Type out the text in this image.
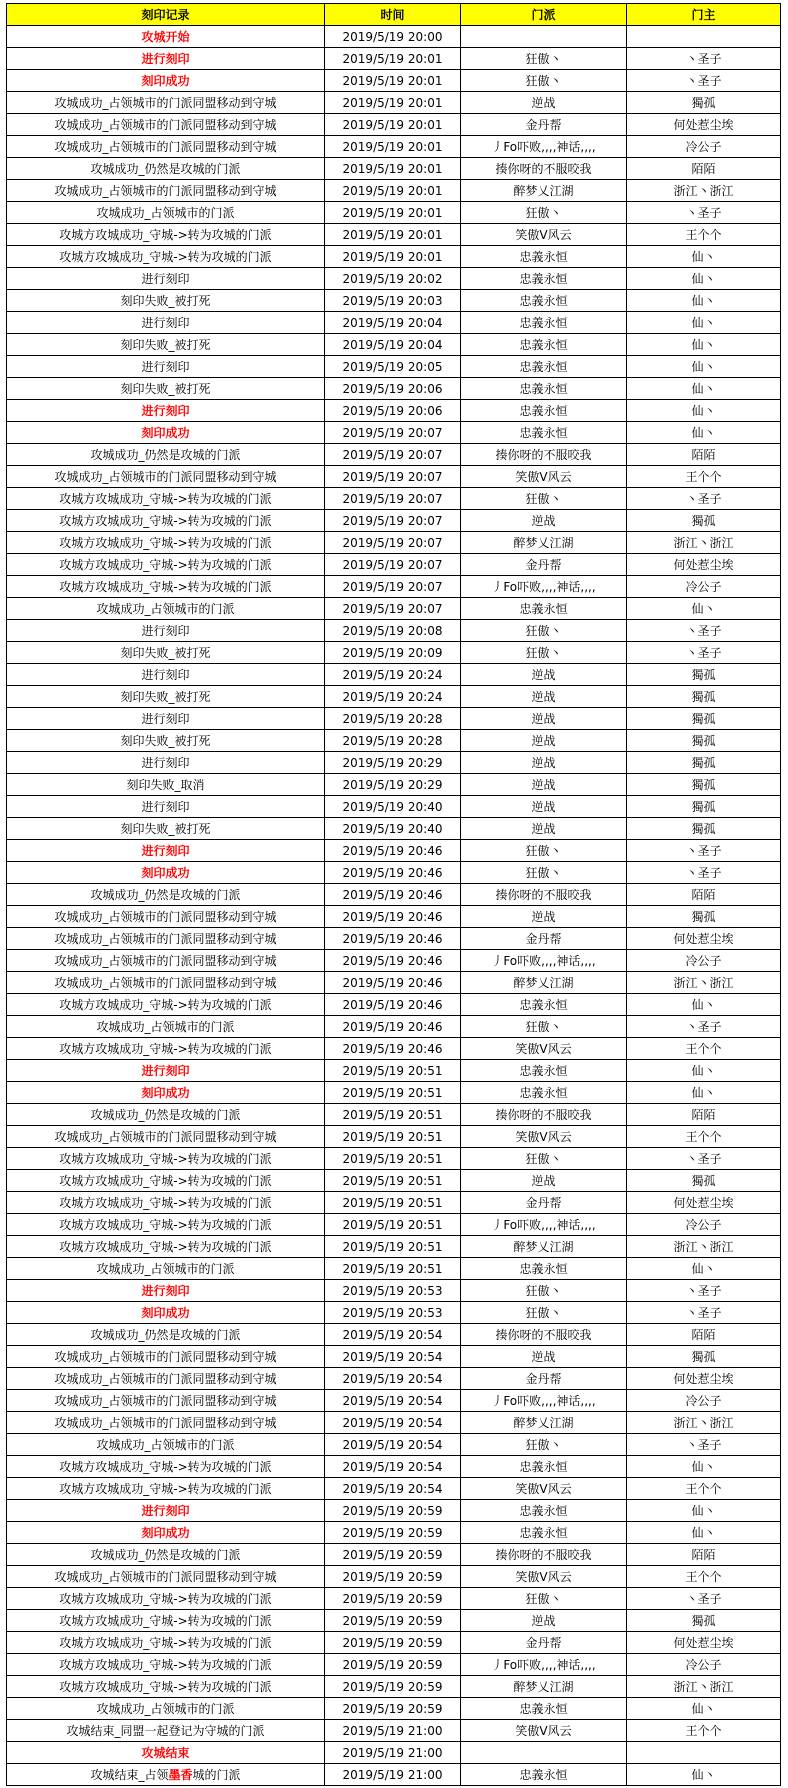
刻印记录	时间	门派	门主
攻城开始	2019/5/19 20:00		
进行刻印	2019/5/19 20:01	狂傲丶	丶圣子
刻印成功	2019/5/19 20:01	狂傲丶	丶圣子
攻城成功_占领城市的门派同盟移动到守城	2019/5/19 20:01	逆战	獨孤
攻城成功_占领城市的门派同盟移动到守城	2019/5/19 20:01	金丹帮	何处惹尘埃
攻城成功_占领城市的门派同盟移动到守城	2019/5/19 20:01	丿Fo吓败,,,,神话,,,,	冷公子
攻城成功_仍然是攻城的门派	2019/5/19 20:01	揍你呀的不服咬我	陌陌
攻城成功_占领城市的门派同盟移动到守城	2019/5/19 20:01	醉梦乂江湖	浙江丶浙江
攻城成功_占领城市的门派	2019/5/19 20:01	狂傲丶	丶圣子
攻城方攻城成功_守城->转为攻城的门派	2019/5/19 20:01	笑傲V风云	王个个
攻城方攻城成功_守城->转为攻城的门派	2019/5/19 20:01	忠義永恒	仙丶
进行刻印	2019/5/19 20:02	忠義永恒	仙丶
刻印失败_被打死	2019/5/19 20:03	忠義永恒	仙丶
进行刻印	2019/5/19 20:04	忠義永恒	仙丶
刻印失败_被打死	2019/5/19 20:04	忠義永恒	仙丶
进行刻印	2019/5/19 20:05	忠義永恒	仙丶
刻印失败_被打死	2019/5/19 20:06	忠義永恒	仙丶
进行刻印	2019/5/19 20:06	忠義永恒	仙丶
刻印成功	2019/5/19 20:07	忠義永恒	仙丶
攻城成功_仍然是攻城的门派	2019/5/19 20:07	揍你呀的不服咬我	陌陌
攻城成功_占领城市的门派同盟移动到守城	2019/5/19 20:07	笑傲V风云	王个个
攻城方攻城成功_守城->转为攻城的门派	2019/5/19 20:07	狂傲丶	丶圣子
攻城方攻城成功_守城->转为攻城的门派	2019/5/19 20:07	逆战	獨孤
攻城方攻城成功_守城->转为攻城的门派	2019/5/19 20:07	醉梦乂江湖	浙江丶浙江
攻城方攻城成功_守城->转为攻城的门派	2019/5/19 20:07	金丹帮	何处惹尘埃
攻城方攻城成功_守城->转为攻城的门派	2019/5/19 20:07	丿Fo吓败,,,,神话,,,,	冷公子
攻城成功_占领城市的门派	2019/5/19 20:07	忠義永恒	仙丶
进行刻印	2019/5/19 20:08	狂傲丶	丶圣子
刻印失败_被打死	2019/5/19 20:09	狂傲丶	丶圣子
进行刻印	2019/5/19 20:24	逆战	獨孤
刻印失败_被打死	2019/5/19 20:24	逆战	獨孤
进行刻印	2019/5/19 20:28	逆战	獨孤
刻印失败_被打死	2019/5/19 20:28	逆战	獨孤
进行刻印	2019/5/19 20:29	逆战	獨孤
刻印失败_取消	2019/5/19 20:29	逆战	獨孤
进行刻印	2019/5/19 20:40	逆战	獨孤
刻印失败_被打死	2019/5/19 20:40	逆战	獨孤
进行刻印	2019/5/19 20:46	狂傲丶	丶圣子
刻印成功	2019/5/19 20:46	狂傲丶	丶圣子
攻城成功_仍然是攻城的门派	2019/5/19 20:46	揍你呀的不服咬我	陌陌
攻城成功_占领城市的门派同盟移动到守城	2019/5/19 20:46	逆战	獨孤
攻城成功_占领城市的门派同盟移动到守城	2019/5/19 20:46	金丹帮	何处惹尘埃
攻城成功_占领城市的门派同盟移动到守城	2019/5/19 20:46	丿Fo吓败,,,,神话,,,,	冷公子
攻城成功_占领城市的门派同盟移动到守城	2019/5/19 20:46	醉梦乂江湖	浙江丶浙江
攻城方攻城成功_守城->转为攻城的门派	2019/5/19 20:46	忠義永恒	仙丶
攻城成功_占领城市的门派	2019/5/19 20:46	狂傲丶	丶圣子
攻城方攻城成功_守城->转为攻城的门派	2019/5/19 20:46	笑傲V风云	王个个
进行刻印	2019/5/19 20:51	忠義永恒	仙丶
刻印成功	2019/5/19 20:51	忠義永恒	仙丶
攻城成功_仍然是攻城的门派	2019/5/19 20:51	揍你呀的不服咬我	陌陌
攻城成功_占领城市的门派同盟移动到守城	2019/5/19 20:51	笑傲V风云	王个个
攻城方攻城成功_守城->转为攻城的门派	2019/5/19 20:51	狂傲丶	丶圣子
攻城方攻城成功_守城->转为攻城的门派	2019/5/19 20:51	逆战	獨孤
攻城方攻城成功_守城->转为攻城的门派	2019/5/19 20:51	金丹帮	何处惹尘埃
攻城方攻城成功_守城->转为攻城的门派	2019/5/19 20:51	丿Fo吓败,,,,神话,,,,	冷公子
攻城方攻城成功_守城->转为攻城的门派	2019/5/19 20:51	醉梦乂江湖	浙江丶浙江
攻城成功_占领城市的门派	2019/5/19 20:51	忠義永恒	仙丶
进行刻印	2019/5/19 20:53	狂傲丶	丶圣子
刻印成功	2019/5/19 20:53	狂傲丶	丶圣子
攻城成功_仍然是攻城的门派	2019/5/19 20:54	揍你呀的不服咬我	陌陌
攻城成功_占领城市的门派同盟移动到守城	2019/5/19 20:54	逆战	獨孤
攻城成功_占领城市的门派同盟移动到守城	2019/5/19 20:54	金丹帮	何处惹尘埃
攻城成功_占领城市的门派同盟移动到守城	2019/5/19 20:54	丿Fo吓败,,,,神话,,,,	冷公子
攻城成功_占领城市的门派同盟移动到守城	2019/5/19 20:54	醉梦乂江湖	浙江丶浙江
攻城成功_占领城市的门派	2019/5/19 20:54	狂傲丶	丶圣子
攻城方攻城成功_守城->转为攻城的门派	2019/5/19 20:54	忠義永恒	仙丶
攻城方攻城成功_守城->转为攻城的门派	2019/5/19 20:54	笑傲V风云	王个个
进行刻印	2019/5/19 20:59	忠義永恒	仙丶
刻印成功	2019/5/19 20:59	忠義永恒	仙丶
攻城成功_仍然是攻城的门派	2019/5/19 20:59	揍你呀的不服咬我	陌陌
攻城成功_占领城市的门派同盟移动到守城	2019/5/19 20:59	笑傲V风云	王个个
攻城方攻城成功_守城->转为攻城的门派	2019/5/19 20:59	狂傲丶	丶圣子
攻城方攻城成功_守城->转为攻城的门派	2019/5/19 20:59	逆战	獨孤
攻城方攻城成功_守城->转为攻城的门派	2019/5/19 20:59	金丹帮	何处惹尘埃
攻城方攻城成功_守城->转为攻城的门派	2019/5/19 20:59	丿Fo吓败,,,,神话,,,,	冷公子
攻城方攻城成功_守城->转为攻城的门派	2019/5/19 20:59	醉梦乂江湖	浙江丶浙江
攻城成功_占领城市的门派	2019/5/19 20:59	忠義永恒	仙丶
攻城结束_同盟一起登记为守城的门派	2019/5/19 21:00	笑傲V风云	王个个
攻城结束	2019/5/19 21:00		
攻城结束_占领墨香城的门派	2019/5/19 21:00	忠義永恒	仙丶
